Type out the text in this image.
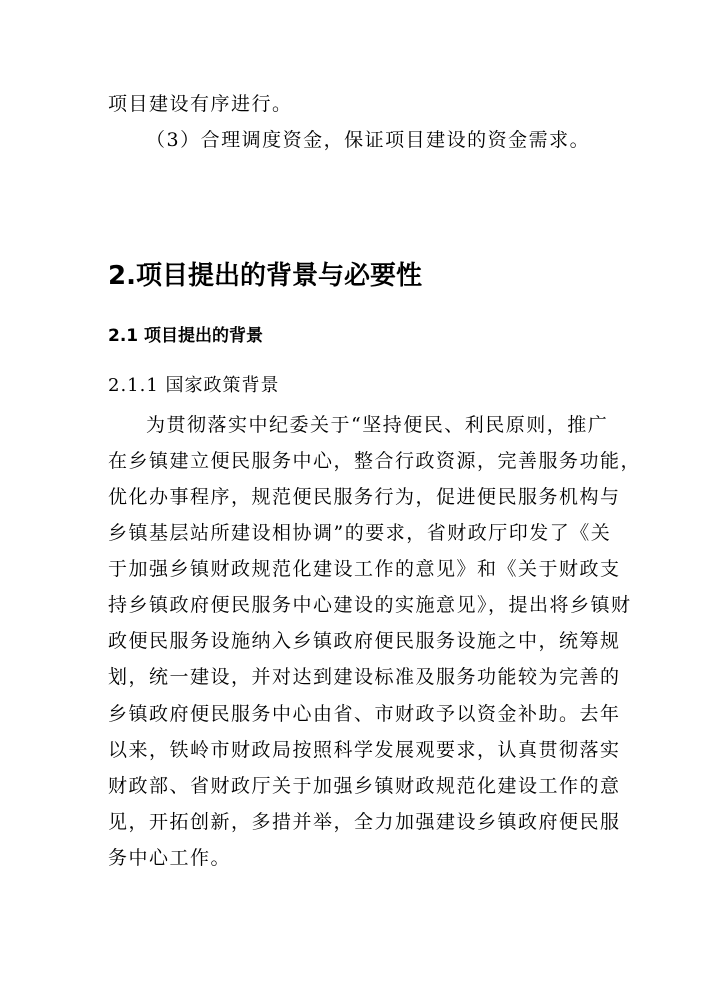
项目建设有序进行。
（3）合理调度资金，保证项目建设的资金需求。
2.项目提出的背景与必要性
2.1 项目提出的背景
2.1.1 国家政策背景
为贯彻落实中纪委关于“坚持便民、利民原则，推广
在乡镇建立便民服务中心，整合行政资源，完善服务功能，
优化办事程序，规范便民服务行为，促进便民服务机构与
乡镇基层站所建设相协调”的要求，省财政厅印发了《关
于加强乡镇财政规范化建设工作的意见》和《关于财政支
持乡镇政府便民服务中心建设的实施意见》，提出将乡镇财
政便民服务设施纳入乡镇政府便民服务设施之中，统筹规
划，统一建设，并对达到建设标准及服务功能较为完善的
乡镇政府便民服务中心由省、市财政予以资金补助。去年
以来，铁岭市财政局按照科学发展观要求，认真贯彻落实
财政部、省财政厅关于加强乡镇财政规范化建设工作的意
见，开拓创新，多措并举，全力加强建设乡镇政府便民服
务中心工作。
